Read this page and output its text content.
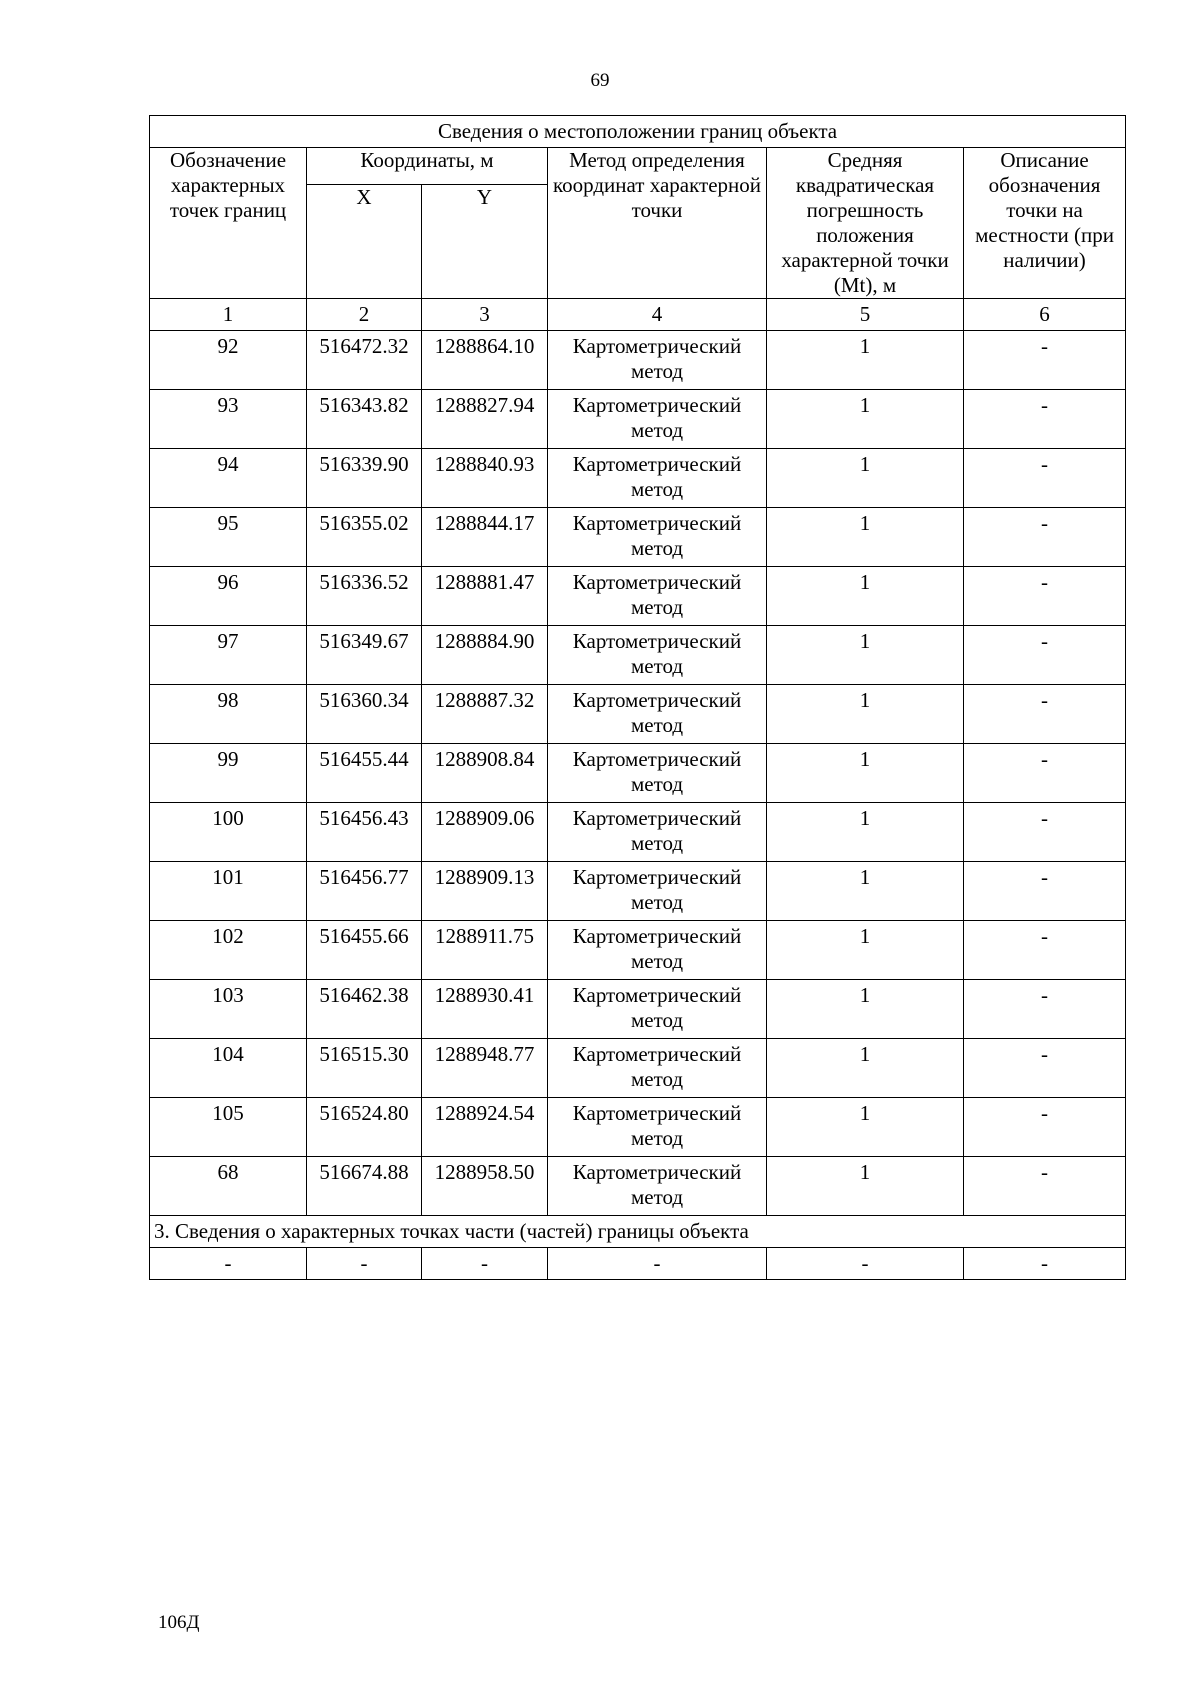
69
Сведения о местоположении границ объекта					
Обозначение характерных точек границ	Координаты, м		Метод определения координат характерной точки	Средняя квадратическая погрешность положения характерной точки (Mt), м	Описание обозначения точки на местности (при наличии)
	X	Y			
1	2	3	4	5	6
92	516472.32	1288864.10	Картометрический метод	1	-
93	516343.82	1288827.94	Картометрический метод	1	-
94	516339.90	1288840.93	Картометрический метод	1	-
95	516355.02	1288844.17	Картометрический метод	1	-
96	516336.52	1288881.47	Картометрический метод	1	-
97	516349.67	1288884.90	Картометрический метод	1	-
98	516360.34	1288887.32	Картометрический метод	1	-
99	516455.44	1288908.84	Картометрический метод	1	-
100	516456.43	1288909.06	Картометрический метод	1	-
101	516456.77	1288909.13	Картометрический метод	1	-
102	516455.66	1288911.75	Картометрический метод	1	-
103	516462.38	1288930.41	Картометрический метод	1	-
104	516515.30	1288948.77	Картометрический метод	1	-
105	516524.80	1288924.54	Картометрический метод	1	-
68	516674.88	1288958.50	Картометрический метод	1	-
3. Сведения о характерных точках части (частей) границы объекта					
-	-	-	-	-	-
106Д
